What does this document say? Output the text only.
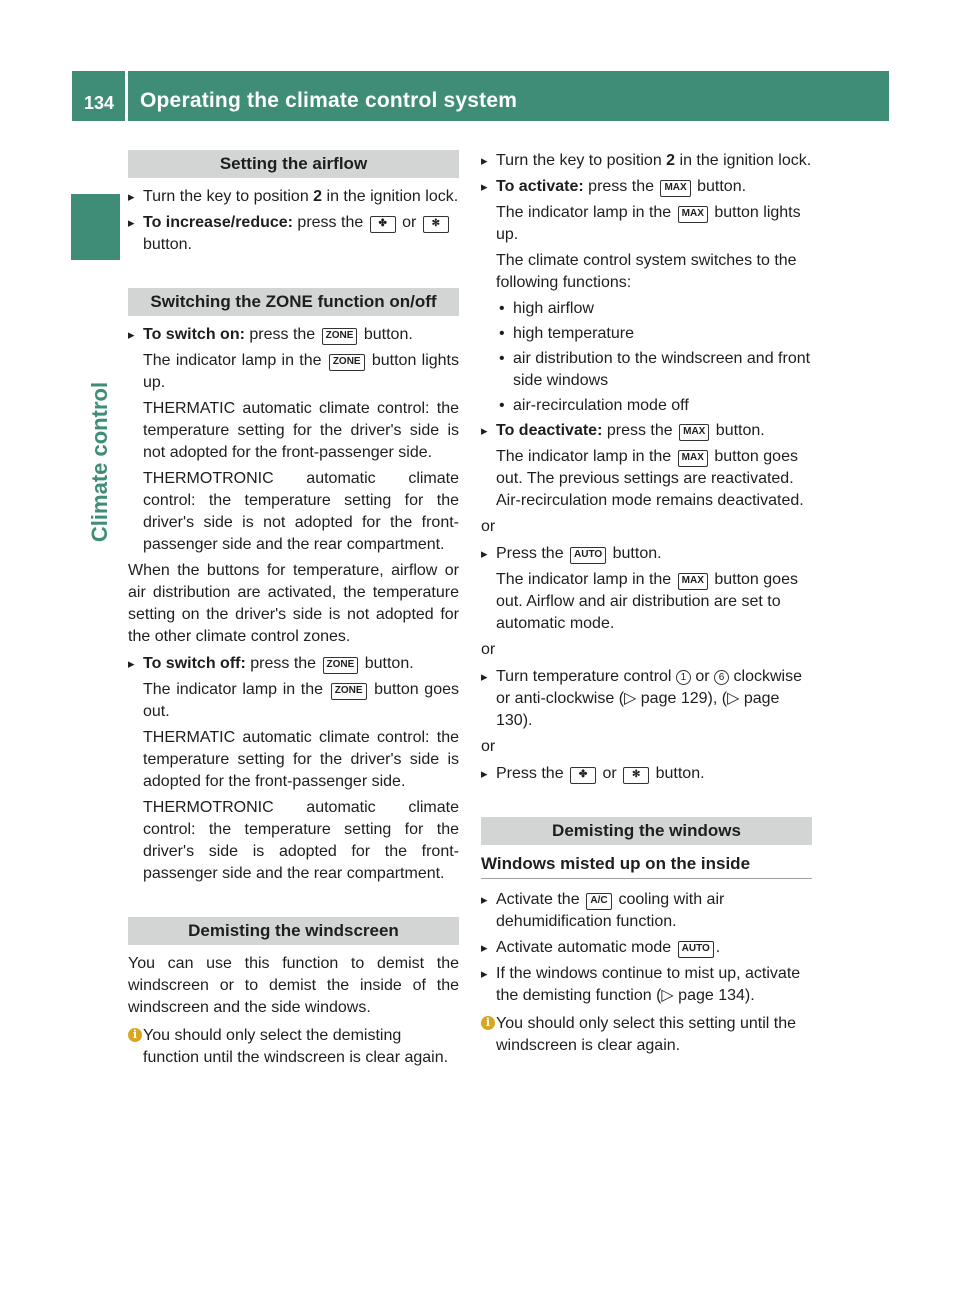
134 Operating the climate control system
Climate control
Setting the airflow
▸ Turn the key to position 2 in the ignition lock.
▸ To increase/reduce: press the ✤ or ✻ button.
Switching the ZONE function on/off

▸ To switch on: press the ZONE button.

The indicator lamp in the ZONE button lights up.

THERMATIC automatic climate control: the temperature setting for the driver's side is not adopted for the front-passenger side.

THERMOTRONIC automatic climate control: the temperature setting for the driver's side is not adopted for the front-passenger side and the rear compartment.

When the buttons for temperature, airflow or air distribution are activated, the temperature setting on the driver's side is not adopted for the other climate control zones.

▸ To switch off: press the ZONE button.

The indicator lamp in the ZONE button goes out.

THERMATIC automatic climate control: the temperature setting for the driver's side is adopted for the front-passenger side.

THERMOTRONIC automatic climate control: the temperature setting for the driver's side is adopted for the front-passenger side and the rear compartment.

Demisting the windscreen

You can use this function to demist the windscreen or to demist the inside of the windscreen and the side windows.

i You should only select the demisting function until the windscreen is clear again.
▸ Turn the key to position 2 in the ignition lock.

▸ To activate: press the MAX button.

The indicator lamp in the MAX button lights up.

The climate control system switches to the following functions:

• high airflow
• high temperature
• air distribution to the windscreen and front side windows
• air-recirculation mode off

▸ To deactivate: press the MAX button.

The indicator lamp in the MAX button goes out. The previous settings are reactivated. Air-recirculation mode remains deactivated.

or

▸ Press the AUTO button.

The indicator lamp in the MAX button goes out. Airflow and air distribution are set to automatic mode.

or

▸ Turn temperature control 1 or 6 clockwise or anti-clockwise (▷ page 129), (▷ page 130).

or

▸ Press the ✤ or ✻ button.
Demisting the windows
Windows misted up on the inside
▸ Activate the A/C cooling with air dehumidification function.
▸ Activate automatic mode AUTO .
▸ If the windows continue to mist up, activate the demisting function (▷ page 134).
i You should only select this setting until the windscreen is clear again.
